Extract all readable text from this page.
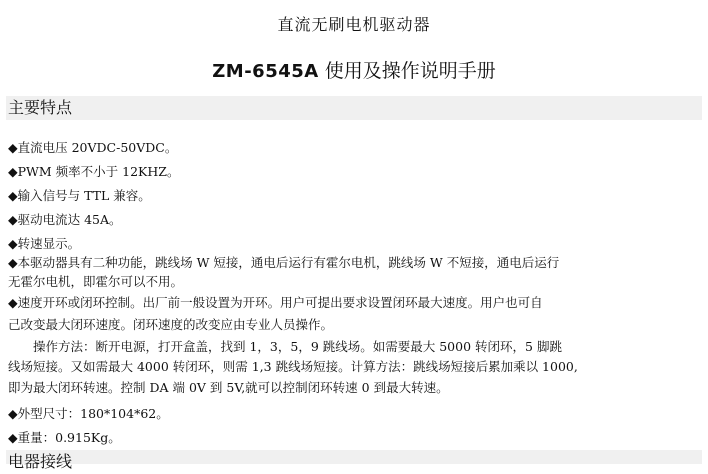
直流无刷电机驱动器
ZM-6545A 使用及操作说明手册
主要特点
◆直流电压 20VDC-50VDC。
◆PWM 频率不小于 12KHZ。
◆输入信号与 TTL 兼容。
◆驱动电流达 45A。
◆转速显示。
◆本驱动器具有二种功能，跳线场 W 短接，通电后运行有霍尔电机，跳线场 W 不短接，通电后运行
无霍尔电机，即霍尔可以不用。
◆速度开环或闭环控制。出厂前一般设置为开环。用户可提出要求设置闭环最大速度。用户也可自
己改变最大闭环速度。闭环速度的改变应由专业人员操作。
　　操作方法：断开电源，打开盒盖，找到 1，3，5，9 跳线场。如需要最大 5000 转闭环，5 脚跳
线场短接。又如需最大 4000 转闭环，则需 1,3 跳线场短接。计算方法：跳线场短接后累加乘以 1000,
即为最大闭环转速。控制 DA 端 0V 到 5V,就可以控制闭环转速 0 到最大转速。
◆外型尺寸：180*104*62。
◆重量：0.915Kg。
电器接线
